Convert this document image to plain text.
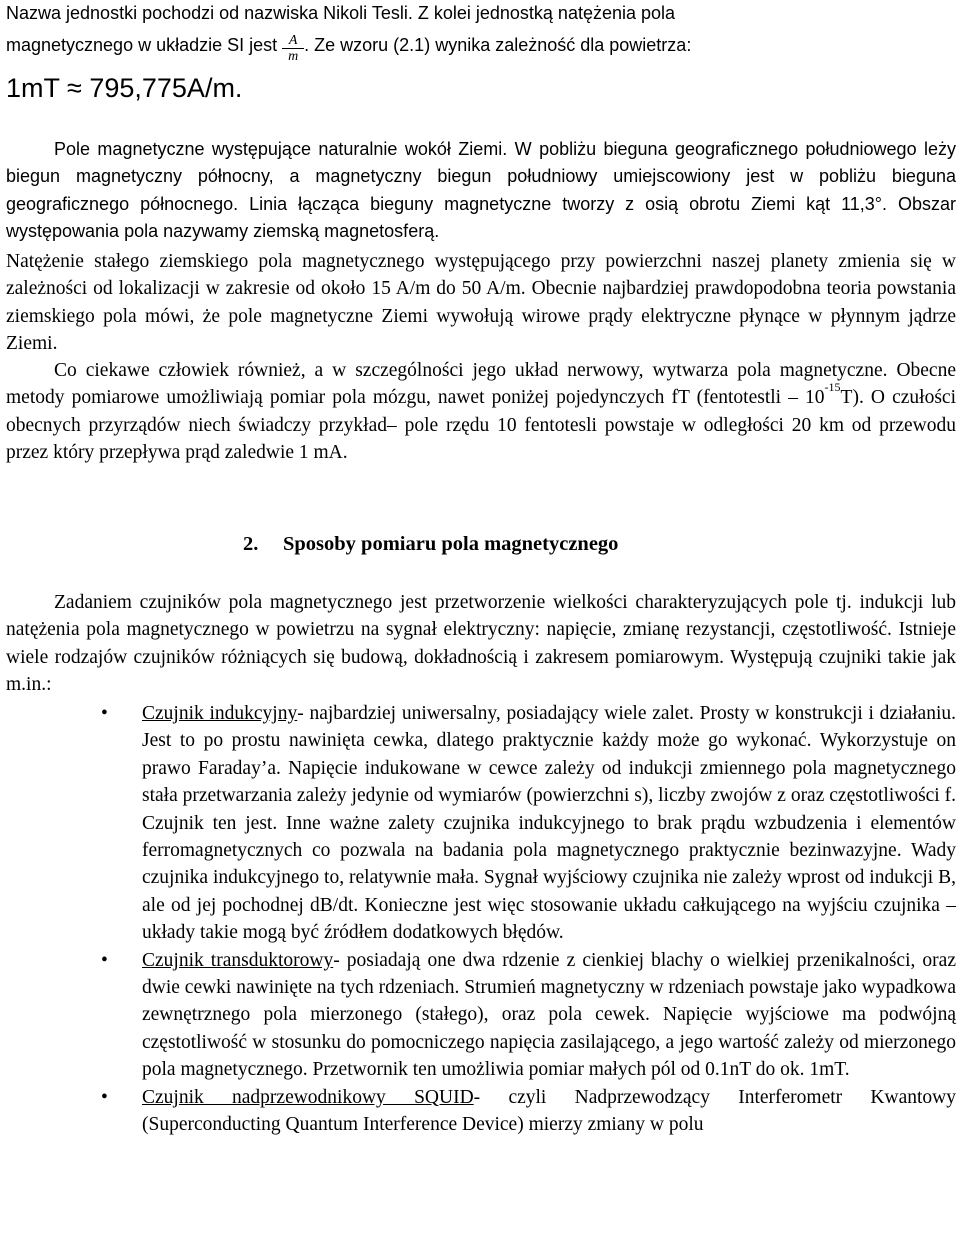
Nazwa jednostki pochodzi od nazwiska Nikoli Tesli. Z kolei jednostką natężenia pola

magnetycznego w układzie SI jest $\frac{A}{m}$ . Ze wzoru (2.1) wynika zależność dla powietrza:

1mT ≈ 795,775A/m.

Pole magnetyczne występujące naturalnie wokół Ziemi. W pobliżu bieguna geograficznego południowego leży biegun magnetyczny północny, a magnetyczny biegun południowy umiejscowiony jest w pobliżu bieguna geograficznego północnego. Linia łącząca bieguny magnetyczne tworzy z osią obrotu Ziemi kąt 11,3°. Obszar występowania pola nazywamy ziemską magnetosferą.

Natężenie stałego ziemskiego pola magnetycznego występującego przy powierzchni naszej planety zmienia się w zależności od lokalizacji w zakresie od około 15 A/m do 50 A/m. Obecnie najbardziej prawdopodobna teoria powstania ziemskiego pola mówi, że pole magnetyczne Ziemi wywołują wirowe prądy elektryczne płynące w płynnym jądrze Ziemi.

Co ciekawe człowiek również, a w szczególności jego układ nerwowy, wytwarza pola magnetyczne. Obecne metody pomiarowe umożliwiają pomiar pola mózgu, nawet poniżej pojedynczych fT (fentotestli – $10^{-15}T$). O czułości obecnych przyrządów niech świadczy przykład– pole rzędu 10 fentotesli powstaje w odległości 20 km od przewodu przez który przepływa prąd zaledwie 1 mA.

2. Sposoby pomiaru pola magnetycznego

Zadaniem czujników pola magnetycznego jest przetworzenie wielkości charakteryzujących pole tj. indukcji lub natężenia pola magnetycznego w powietrzu na sygnał elektryczny: napięcie, zmianę rezystancji, częstotliwość. Istnieje wiele rodzajów czujników różniących się budową, dokładnością i zakresem pomiarowym. Występują czujniki takie jak m.in.:

• Czujnik indukcyjny- najbardziej uniwersalny, posiadający wiele zalet. Prosty w konstrukcji i działaniu. Jest to po prostu nawinięta cewka, dlatego praktycznie każdy może go wykonać. Wykorzystuje on prawo Faraday’a. Napięcie indukowane w cewce zależy od indukcji zmiennego pola magnetycznego stała przetwarzania zależy jedynie od wymiarów (powierzchni s), liczby zwojów z oraz częstotliwości f. Czujnik ten jest. Inne ważne zalety czujnika indukcyjnego to brak prądu wzbudzenia i elementów ferromagnetycznych co pozwala na badania pola magnetycznego praktycznie bezinwazyjne. Wady czujnika indukcyjnego to, relatywnie mała. Sygnał wyjściowy czujnika nie zależy wprost od indukcji B, ale od jej pochodnej dB/dt. Konieczne jest więc stosowanie układu całkującego na wyjściu czujnika – układy takie mogą być źródłem dodatkowych błędów.
• Czujnik transduktorowy- posiadają one dwa rdzenie z cienkiej blachy o wielkiej przenikalności, oraz dwie cewki nawinięte na tych rdzeniach. Strumień magnetyczny w rdzeniach powstaje jako wypadkowa zewnętrznego pola mierzonego (stałego), oraz pola cewek. Napięcie wyjściowe ma podwójną częstotliwość w stosunku do pomocniczego napięcia zasilającego, a jego wartość zależy od mierzonego pola magnetycznego. Przetwornik ten umożliwia pomiar małych pól od 0.1nT do ok. 1mT.
• Czujnik nadprzewodnikowy SQUID- czyli Nadprzewodzący Interferometr Kwantowy (Superconducting Quantum Interference Device) mierzy zmiany w polu
